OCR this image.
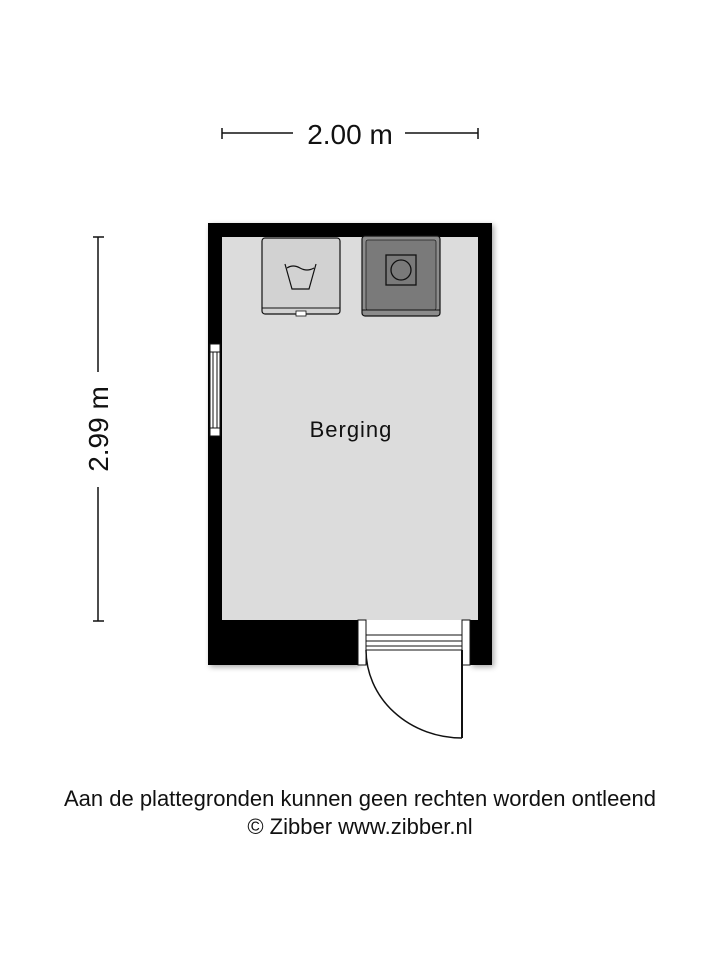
2.00 m
2.99 m	Berging
Aan de plattegronden kunnen geen rechten worden ontleend
© Zibber www.zibber.nl
